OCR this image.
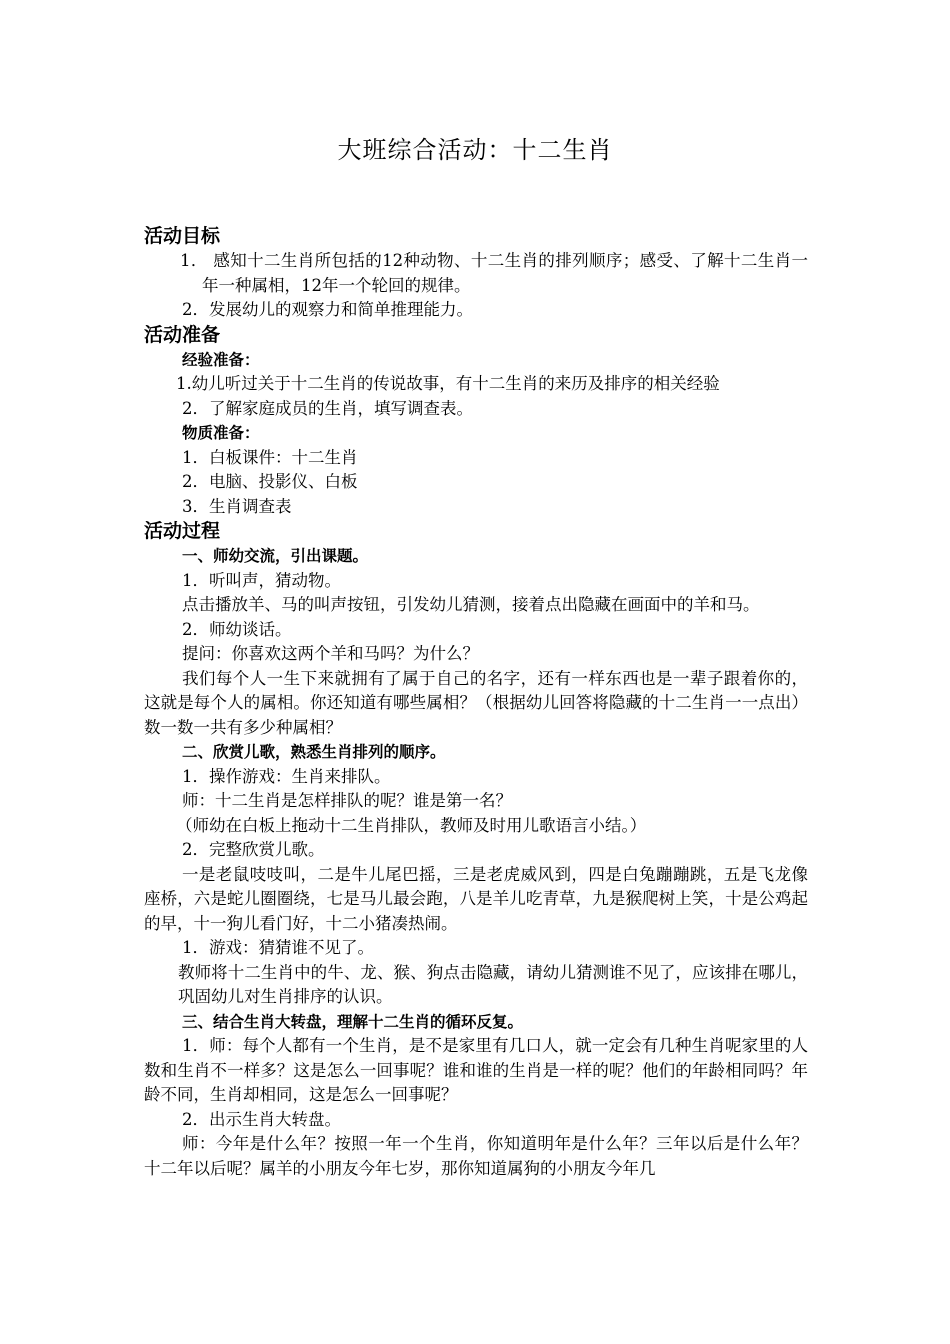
大班综合活动：十二生肖
活动目标

1． 感知十二生肖所包括的12种动物、十二生肖的排列顺序；感受、了解十二生肖一年一种属相，12年一个轮回的规律。

2．发展幼儿的观察力和简单推理能力。

活动准备

经验准备：

1.幼儿听过关于十二生肖的传说故事，有十二生肖的来历及排序的相关经验

2．了解家庭成员的生肖，填写调查表。

物质准备：

1．白板课件：十二生肖

2．电脑、投影仪、白板

3．生肖调查表

活动过程

一、师幼交流，引出课题。

1．听叫声，猜动物。

点击播放羊、马的叫声按钮，引发幼儿猜测，接着点出隐藏在画面中的羊和马。

2．师幼谈话。

提问：你喜欢这两个羊和马吗？为什么？

我们每个人一生下来就拥有了属于自己的名字，还有一样东西也是一辈子跟着你的，这就是每个人的属相。你还知道有哪些属相？（根据幼儿回答将隐藏的十二生肖一一点出）数一数一共有多少种属相？

二、欣赏儿歌，熟悉生肖排列的顺序。

1．操作游戏：生肖来排队。

师：十二生肖是怎样排队的呢？谁是第一名？

（师幼在白板上拖动十二生肖排队，教师及时用儿歌语言小结。）

2．完整欣赏儿歌。

一是老鼠吱吱叫，二是牛儿尾巴摇，三是老虎威风到，四是白兔蹦蹦跳，五是飞龙像座桥，六是蛇儿圈圈绕，七是马儿最会跑，八是羊儿吃青草，九是猴爬树上笑，十是公鸡起的早，十一狗儿看门好，十二小猪凑热闹。

1．游戏：猜猜谁不见了。

教师将十二生肖中的牛、龙、猴、狗点击隐藏，请幼儿猜测谁不见了，应该排在哪儿，巩固幼儿对生肖排序的认识。

三、结合生肖大转盘，理解十二生肖的循环反复。

1．师：每个人都有一个生肖，是不是家里有几口人，就一定会有几种生肖呢家里的人数和生肖不一样多？这是怎么一回事呢？谁和谁的生肖是一样的呢？他们的年龄相同吗？年龄不同，生肖却相同，这是怎么一回事呢？

2．出示生肖大转盘。

师：今年是什么年？按照一年一个生肖，你知道明年是什么年？三年以后是什么年？十二年以后呢？属羊的小朋友今年七岁，那你知道属狗的小朋友今年几
